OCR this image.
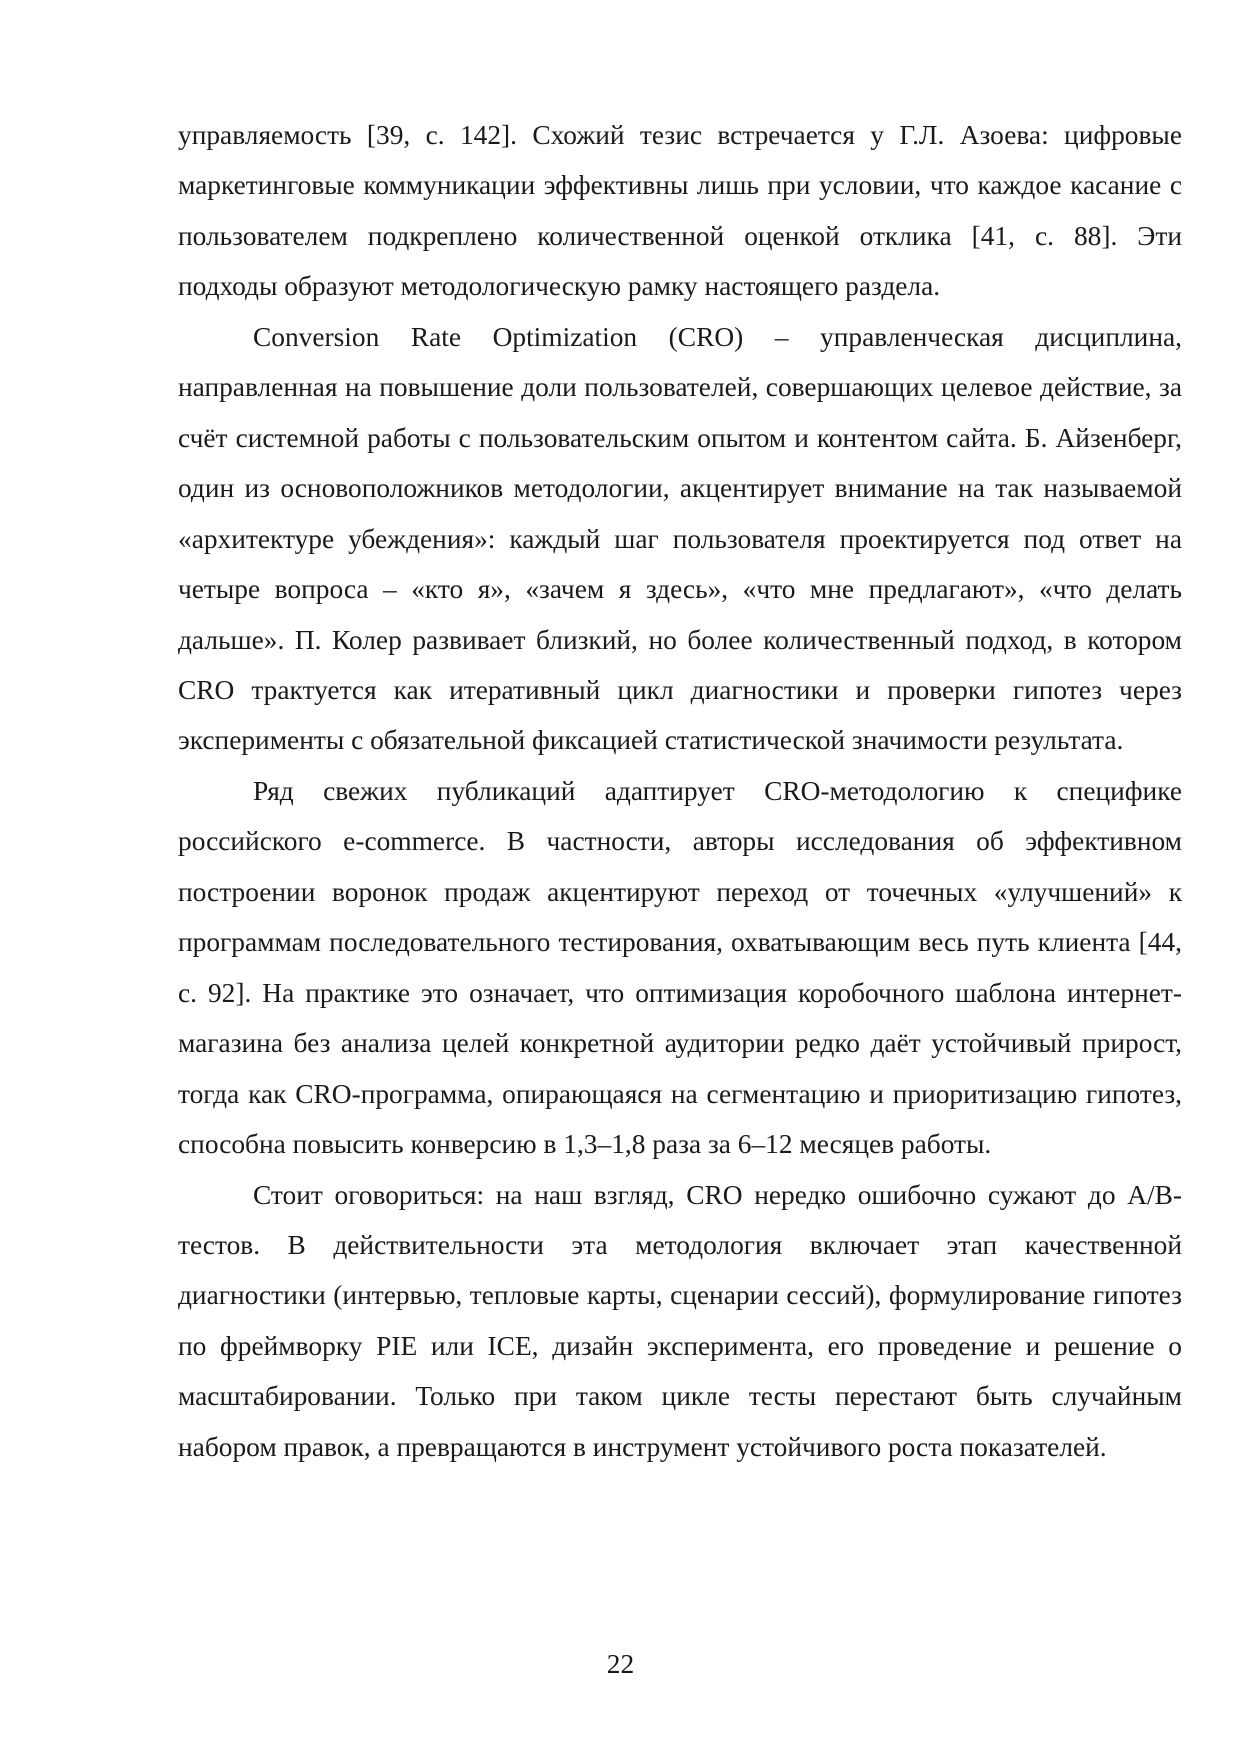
управляемость [39, с. 142]. Схожий тезис встречается у Г.Л. Азоева: цифровые маркетинговые коммуникации эффективны лишь при условии, что каждое касание с пользователем подкреплено количественной оценкой отклика [41, с. 88]. Эти подходы образуют методологическую рамку настоящего раздела.

Conversion Rate Optimization (CRO) – управленческая дисциплина, направленная на повышение доли пользователей, совершающих целевое действие, за счёт системной работы с пользовательским опытом и контентом сайта. Б. Айзенберг, один из основоположников методологии, акцентирует внимание на так называемой «архитектуре убеждения»: каждый шаг пользователя проектируется под ответ на четыре вопроса – «кто я», «зачем я здесь», «что мне предлагают», «что делать дальше». П. Колер развивает близкий, но более количественный подход, в котором CRO трактуется как итеративный цикл диагностики и проверки гипотез через эксперименты с обязательной фиксацией статистической значимости результата.

Ряд свежих публикаций адаптирует CRO-методологию к специфике российского e-commerce. В частности, авторы исследования об эффективном построении воронок продаж акцентируют переход от точечных «улучшений» к программам последовательного тестирования, охватывающим весь путь клиента [44, с. 92]. На практике это означает, что оптимизация коробочного шаблона интернет-магазина без анализа целей конкретной аудитории редко даёт устойчивый прирост, тогда как CRO-программа, опирающаяся на сегментацию и приоритизацию гипотез, способна повысить конверсию в 1,3–1,8 раза за 6–12 месяцев работы.

Стоит оговориться: на наш взгляд, CRO нередко ошибочно сужают до A/B-тестов. В действительности эта методология включает этап качественной диагностики (интервью, тепловые карты, сценарии сессий), формулирование гипотез по фреймворку PIE или ICE, дизайн эксперимента, его проведение и решение о масштабировании. Только при таком цикле тесты перестают быть случайным набором правок, а превращаются в инструмент устойчивого роста показателей.

22
